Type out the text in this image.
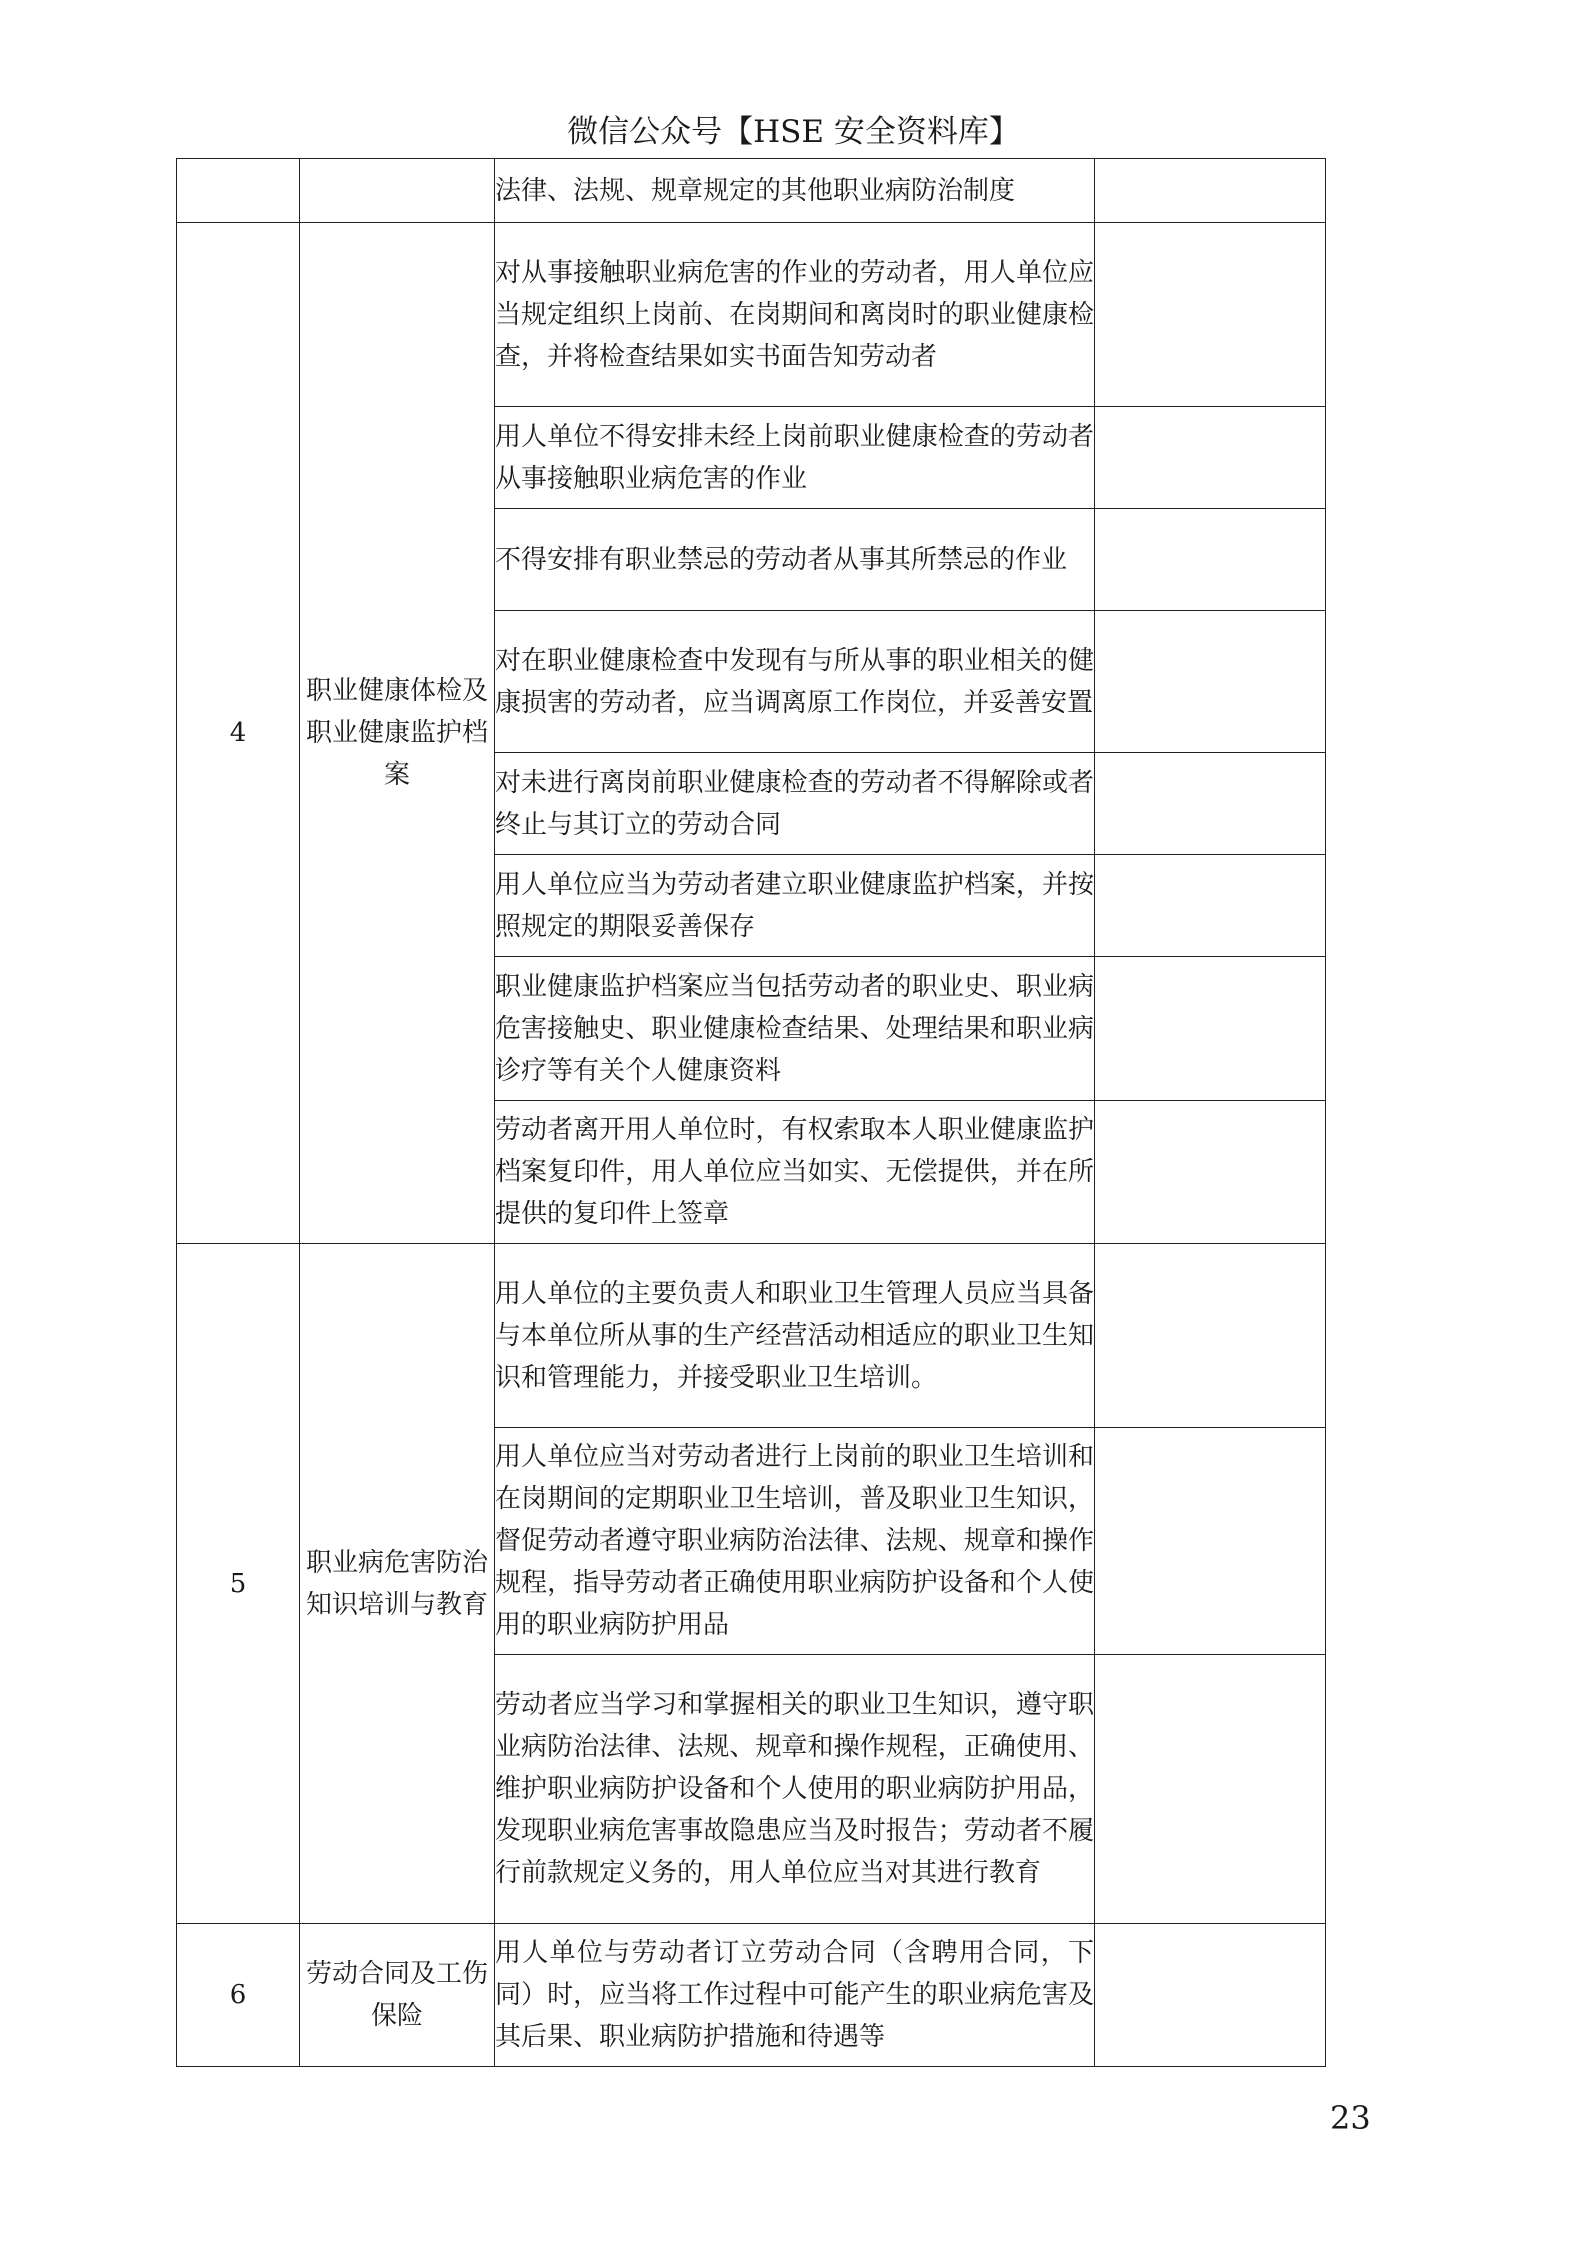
微信公众号【HSE 安全资料库】
		法律、法规、规章规定的其他职业病防治制度	
4	职业健康体检及职业健康监护档案	对从事接触职业病危害的作业的劳动者，用人单位应当规定组织上岗前、在岗期间和离岗时的职业健康检查，并将检查结果如实书面告知劳动者	
		用人单位不得安排未经上岗前职业健康检查的劳动者从事接触职业病危害的作业	
		不得安排有职业禁忌的劳动者从事其所禁忌的作业	
		对在职业健康检查中发现有与所从事的职业相关的健康损害的劳动者，应当调离原工作岗位，并妥善安置	
		对未进行离岗前职业健康检查的劳动者不得解除或者终止与其订立的劳动合同	
		用人单位应当为劳动者建立职业健康监护档案，并按照规定的期限妥善保存	
		职业健康监护档案应当包括劳动者的职业史、职业病危害接触史、职业健康检查结果、处理结果和职业病诊疗等有关个人健康资料	
		劳动者离开用人单位时，有权索取本人职业健康监护档案复印件，用人单位应当如实、无偿提供，并在所提供的复印件上签章	
5	职业病危害防治知识培训与教育	用人单位的主要负责人和职业卫生管理人员应当具备与本单位所从事的生产经营活动相适应的职业卫生知识和管理能力，并接受职业卫生培训。	
		用人单位应当对劳动者进行上岗前的职业卫生培训和在岗期间的定期职业卫生培训，普及职业卫生知识，督促劳动者遵守职业病防治法律、法规、规章和操作规程，指导劳动者正确使用职业病防护设备和个人使用的职业病防护用品	
		劳动者应当学习和掌握相关的职业卫生知识，遵守职业病防治法律、法规、规章和操作规程，正确使用、维护职业病防护设备和个人使用的职业病防护用品，发现职业病危害事故隐患应当及时报告；劳动者不履行前款规定义务的，用人单位应当对其进行教育	
6	劳动合同及工伤保险	用人单位与劳动者订立劳动合同（含聘用合同，下同）时，应当将工作过程中可能产生的职业病危害及其后果、职业病防护措施和待遇等	
23
